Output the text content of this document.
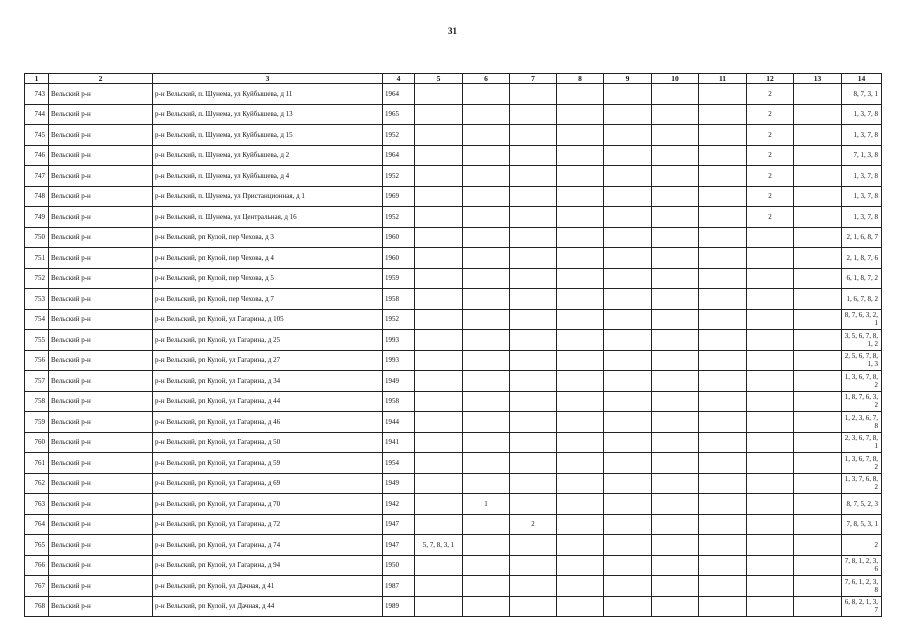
31
1	2	3	4	5	6	7	8	9	10	11	12	13	14
743	Вельский р-н	р-н Вельский, п. Шунема, ул Куйбышева, д 11	1964								2		8, 7, 3, 1
744	Вельский р-н	р-н Вельский, п. Шунема, ул Куйбышева, д 13	1965								2		1, 3, 7, 8
745	Вельский р-н	р-н Вельский, п. Шунема, ул Куйбышева, д 15	1952								2		1, 3, 7, 8
746	Вельский р-н	р-н Вельский, п. Шунема, ул Куйбышева, д 2	1964								2		7, 1, 3, 8
747	Вельский р-н	р-н Вельский, п. Шунема, ул Куйбышева, д 4	1952								2		1, 3, 7, 8
748	Вельский р-н	р-н Вельский, п. Шунема, ул Пристанционная, д 1	1969								2		1, 3, 7, 8
749	Вельский р-н	р-н Вельский, п. Шунема, ул Центральная, д 16	1952								2		1, 3, 7, 8
750	Вельский р-н	р-н Вельский, рп Кулой, пер Чехова, д 3	1960										2, 1, 6, 8, 7
751	Вельский р-н	р-н Вельский, рп Кулой, пер Чехова, д 4	1960										2, 1, 8, 7, 6
752	Вельский р-н	р-н Вельский, рп Кулой, пер Чехова, д 5	1959										6, 1, 8, 7, 2
753	Вельский р-н	р-н Вельский, рп Кулой, пер Чехова, д 7	1958										1, 6, 7, 8, 2
754	Вельский р-н	р-н Вельский, рп Кулой, ул Гагарина, д 105	1952										8, 7, 6, 3, 2, 1
755	Вельский р-н	р-н Вельский, рп Кулой, ул Гагарина, д 25	1993										3, 5, 6, 7, 8, 1, 2
756	Вельский р-н	р-н Вельский, рп Кулой, ул Гагарина, д 27	1993										2, 5, 6, 7, 8, 1, 3
757	Вельский р-н	р-н Вельский, рп Кулой, ул Гагарина, д 34	1949										1, 3, 6, 7, 8, 2
758	Вельский р-н	р-н Вельский, рп Кулой, ул Гагарина, д 44	1958										1, 8, 7, 6, 3, 2
759	Вельский р-н	р-н Вельский, рп Кулой, ул Гагарина, д 46	1944										1, 2, 3, 6, 7, 8
760	Вельский р-н	р-н Вельский, рп Кулой, ул Гагарина, д 50	1941										2, 3, 6, 7, 8, 1
761	Вельский р-н	р-н Вельский, рп Кулой, ул Гагарина, д 59	1954										1, 3, 6, 7, 8, 2
762	Вельский р-н	р-н Вельский, рп Кулой, ул Гагарина, д 69	1949										1, 3, 7, 6, 8, 2
763	Вельский р-н	р-н Вельский, рп Кулой, ул Гагарина, д 70	1942		1								8, 7, 5, 2, 3
764	Вельский р-н	р-н Вельский, рп Кулой, ул Гагарина, д 72	1947			2							7, 8, 5, 3, 1
765	Вельский р-н	р-н Вельский, рп Кулой, ул Гагарина, д 74	1947	5, 7, 8, 3, 1									2
766	Вельский р-н	р-н Вельский, рп Кулой, ул Гагарина, д 94	1950										7, 8, 1, 2, 3, 6
767	Вельский р-н	р-н Вельский, рп Кулой, ул Дачная, д 41	1987										7, 6, 1, 2, 3, 8
768	Вельский р-н	р-н Вельский, рп Кулой, ул Дачная, д 44	1989										6, 8, 2, 1, 3, 7
